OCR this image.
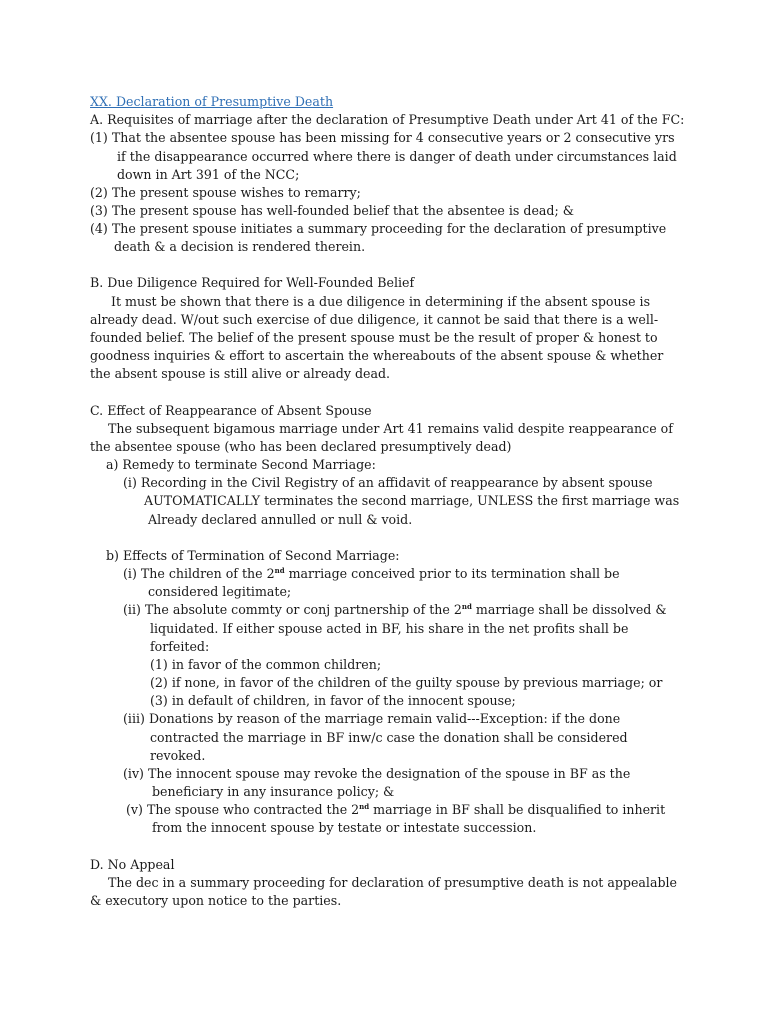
XX. Declaration of Presumptive Death

A. Requisites of marriage after the declaration of Presumptive Death under Art 41 of the FC:

(1) That the absentee spouse has been missing for 4 consecutive years or 2 consecutive yrs

if the disappearance occurred where there is danger of death under circumstances laid

down in Art 391 of the NCC;

(2) The present spouse wishes to remarry;

(3) The present spouse has well-founded belief that the absentee is dead; &

(4) The present spouse initiates a summary proceeding for the declaration of presumptive

death & a decision is rendered therein.

B. Due Diligence Required for Well-Founded Belief

It must be shown that there is a due diligence in determining if the absent spouse is

already dead. W/out such exercise of due diligence, it cannot be said that there is a well-

founded belief. The belief of the present spouse must be the result of proper & honest to

goodness inquiries & effort to ascertain the whereabouts of the absent spouse & whether

the absent spouse is still alive or already dead.

C. Effect of Reappearance of Absent Spouse

The subsequent bigamous marriage under Art 41 remains valid despite reappearance of

the absentee spouse (who has been declared presumptively dead)

a) Remedy to terminate Second Marriage:

(i) Recording in the Civil Registry of an affidavit of reappearance by absent spouse

AUTOMATICALLY terminates the second marriage, UNLESS the first marriage was

Already declared annulled or null & void.

b) Effects of Termination of Second Marriage:

(i) The children of the 2nd marriage conceived prior to its termination shall be

considered legitimate;

(ii) The absolute commty or conj partnership of the 2nd marriage shall be dissolved &

liquidated. If either spouse acted in BF, his share in the net profits shall be

forfeited:

(1) in favor of the common children;

(2) if none, in favor of the children of the guilty spouse by previous marriage; or

(3) in default of children, in favor of the innocent spouse;

(iii) Donations by reason of the marriage remain valid---Exception: if the done

contracted the marriage in BF inw/c case the donation shall be considered

revoked.

(iv) The innocent spouse may revoke the designation of the spouse in BF as the

beneficiary in any insurance policy; &

(v) The spouse who contracted the 2nd marriage in BF shall be disqualified to inherit

from the innocent spouse by testate or intestate succession.

D. No Appeal

The dec in a summary proceeding for declaration of presumptive death is not appealable

& executory upon notice to the parties.
